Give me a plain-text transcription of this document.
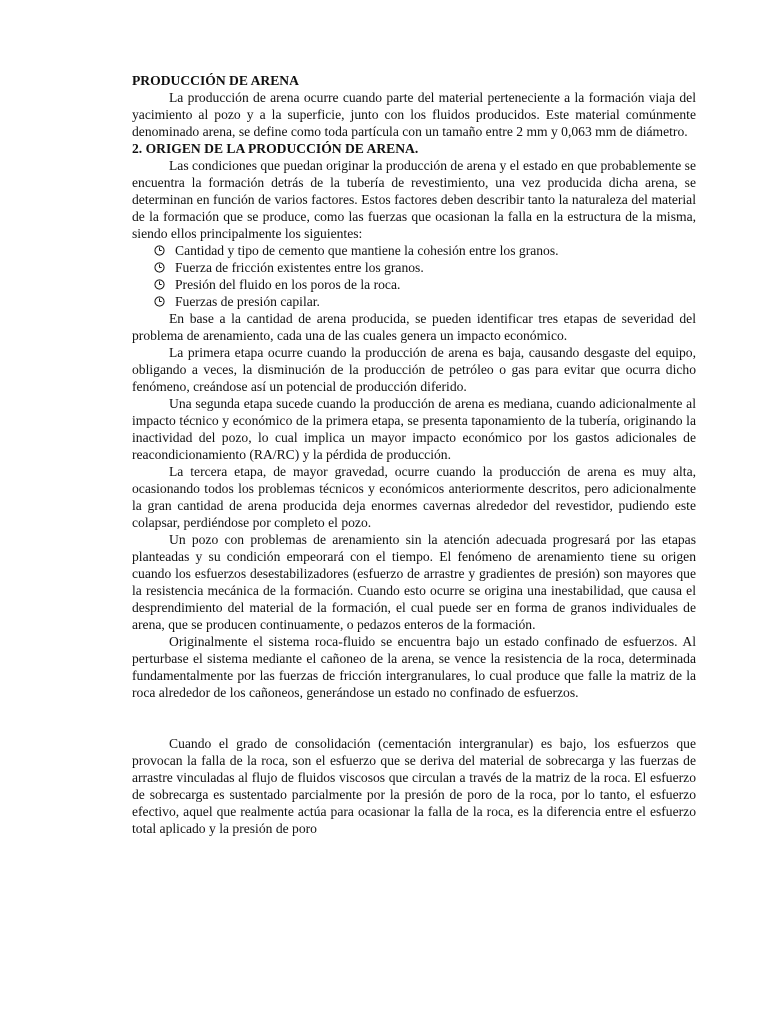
PRODUCCIÓN DE ARENA

La producción de arena ocurre cuando parte del material perteneciente a la formación viaja del yacimiento al pozo y a la superficie, junto con los fluidos producidos. Este material comúnmente denominado arena, se define como toda partícula con un tamaño entre 2 mm y 0,063 mm de diámetro.

2. ORIGEN DE LA PRODUCCIÓN DE ARENA.

Las condiciones que puedan originar la producción de arena y el estado en que probablemente se encuentra la formación detrás de la tubería de revestimiento, una vez producida dicha arena, se determinan en función de varios factores. Estos factores deben describir tanto la naturaleza del material de la formación que se produce, como las fuerzas que ocasionan la falla en la estructura de la misma, siendo ellos principalmente los siguientes:

Cantidad y tipo de cemento que mantiene la cohesión entre los granos.
Fuerza de fricción existentes entre los granos.
Presión del fluido en los poros de la roca.
Fuerzas de presión capilar.

En base a la cantidad de arena producida, se pueden identificar tres etapas de severidad del problema de arenamiento, cada una de las cuales genera un impacto económico.

La primera etapa ocurre cuando la producción de arena es baja, causando desgaste del equipo, obligando a veces, la disminución de la producción de petróleo o gas para evitar que ocurra dicho fenómeno, creándose así un potencial de producción diferido.

Una segunda etapa sucede cuando la producción de arena es mediana, cuando adicionalmente al impacto técnico y económico de la primera etapa, se presenta taponamiento de la tubería, originando la inactividad del pozo, lo cual implica un mayor impacto económico por los gastos adicionales de reacondicionamiento (RA/RC) y la pérdida de producción.

La tercera etapa, de mayor gravedad, ocurre cuando la producción de arena es muy alta, ocasionando todos los problemas técnicos y económicos anteriormente descritos, pero adicionalmente la gran cantidad de arena producida deja enormes cavernas alrededor del revestidor, pudiendo este colapsar, perdiéndose por completo el pozo.

Un pozo con problemas de arenamiento sin la atención adecuada progresará por las etapas planteadas y su condición empeorará con el tiempo. El fenómeno de arenamiento tiene su origen cuando los esfuerzos desestabilizadores (esfuerzo de arrastre y gradientes de presión) son mayores que la resistencia mecánica de la formación. Cuando esto ocurre se origina una inestabilidad, que causa el desprendimiento del material de la formación, el cual puede ser en forma de granos individuales de arena, que se producen continuamente, o pedazos enteros de la formación.

Originalmente el sistema roca-fluido se encuentra bajo un estado confinado de esfuerzos. Al perturbase el sistema mediante el cañoneo de la arena, se vence la resistencia de la roca, determinada fundamentalmente por las fuerzas de fricción intergranulares, lo cual produce que falle la matriz de la roca alrededor de los cañoneos, generándose un estado no confinado de esfuerzos.

Cuando el grado de consolidación (cementación intergranular) es bajo, los esfuerzos que provocan la falla de la roca, son el esfuerzo que se deriva del material de sobrecarga y las fuerzas de arrastre vinculadas al flujo de fluidos viscosos que circulan a través de la matriz de la roca. El esfuerzo de sobrecarga es sustentado parcialmente por la presión de poro de la roca, por lo tanto, el esfuerzo efectivo, aquel que realmente actúa para ocasionar la falla de la roca, es la diferencia entre el esfuerzo total aplicado y la presión de poro
